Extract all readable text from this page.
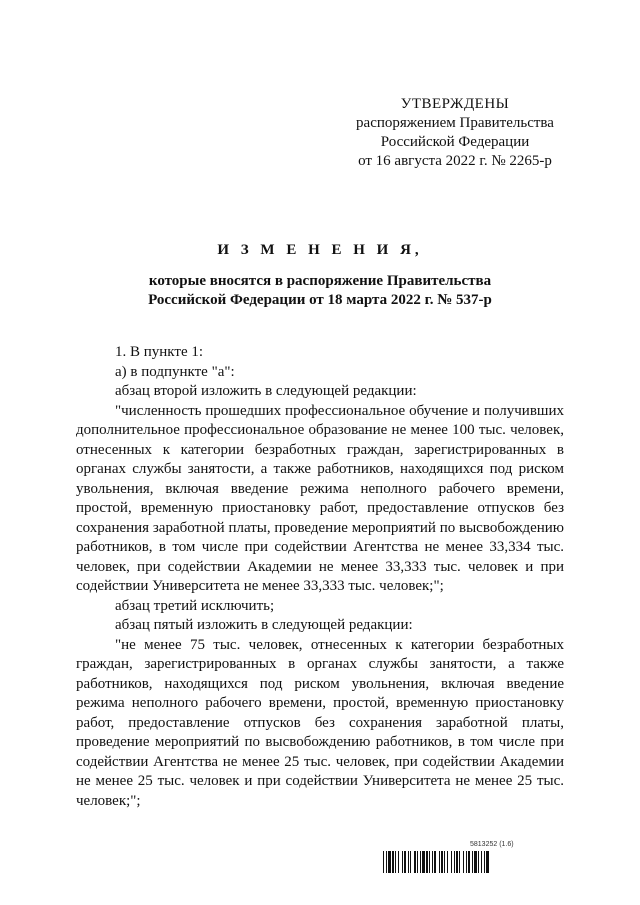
УТВЕРЖДЕНЫ
распоряжением Правительства
Российской Федерации
от 16 августа 2022 г. № 2265-р
И З М Е Н Е Н И Я,
которые вносятся в распоряжение Правительства
Российской Федерации от 18 марта 2022 г. № 537-р

1. В пункте 1:

а) в подпункте "а":

абзац второй изложить в следующей редакции:

"численность прошедших профессиональное обучение и получивших дополнительное профессиональное образование не менее 100 тыс. человек, отнесенных к категории безработных граждан, зарегистрированных в органах службы занятости, а также работников, находящихся под риском увольнения, включая введение режима неполного рабочего времени, простой, временную приостановку работ, предоставление отпусков без сохранения заработной платы, проведение мероприятий по высвобождению работников, в том числе при содействии Агентства не менее 33,334 тыс. человек, при содействии Академии не менее 33,333 тыс. человек и при содействии Университета не менее 33,333 тыс. человек;";

абзац третий исключить;

абзац пятый изложить в следующей редакции:

"не менее 75 тыс. человек, отнесенных к категории безработных граждан, зарегистрированных в органах службы занятости, а также работников, находящихся под риском увольнения, включая введение режима неполного рабочего времени, простой, временную приостановку работ, предоставление отпусков без сохранения заработной платы, проведение мероприятий по высвобождению работников, в том числе при содействии Агентства не менее 25 тыс. человек, при содействии Академии не менее 25 тыс. человек и при содействии Университета не менее 25 тыс. человек;";

5813252 (1.6)
